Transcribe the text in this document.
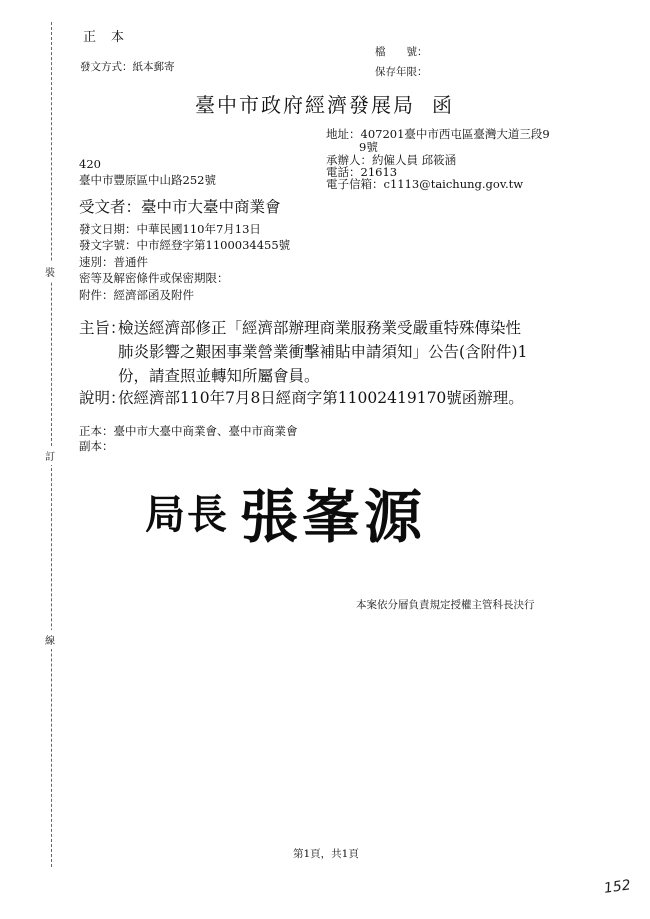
裝
訂
線
正　本
發文方式：紙本郵寄
檔　　號：
保存年限：
臺中市政府經濟發展局 函
地址：407201臺中市西屯區臺灣大道三段9
9號
承辦人：約僱人員 邱筱涵
電話：21613
電子信箱：c1113@taichung.gov.tw
420
臺中市豐原區中山路252號
受文者：臺中市大臺中商業會
發文日期：中華民國110年7月13日
發文字號：中市經登字第1100034455號
速別：普通件
密等及解密條件或保密期限：
附件：經濟部函及附件
主旨：
檢送經濟部修正「經濟部辦理商業服務業受嚴重特殊傳染性
肺炎影響之艱困事業營業衝擊補貼申請須知」公告(含附件)1
份，請查照並轉知所屬會員。
說明：
依經濟部110年7月8日經商字第11002419170號函辦理。
正本：臺中市大臺中商業會、臺中市商業會
副本：
局長 張峯源
本案依分層負責規定授權主管科長決行
第1頁，共1頁
152
